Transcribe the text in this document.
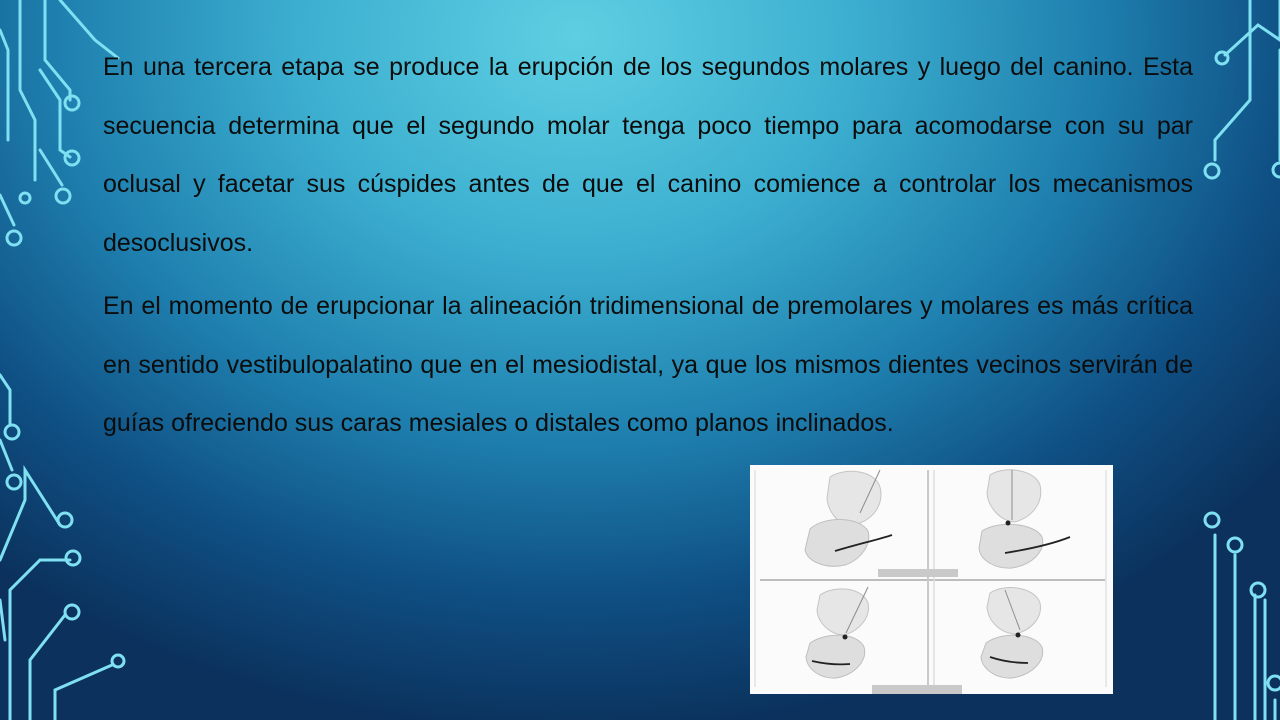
En una tercera etapa se produce la erupción de los segundos molares y luego del canino. Esta secuencia determina que el segundo molar tenga poco tiempo para acomodarse con su par oclusal y facetar sus cúspides antes de que el canino comience a controlar los mecanismos desoclusivos.

En el momento de erupcionar la alineación tridimensional de premolares y molares es más crítica en sentido vestibulopalatino que en el mesiodistal, ya que los mismos dientes vecinos servirán de guías ofreciendo sus caras mesiales o distales como planos inclinados.
